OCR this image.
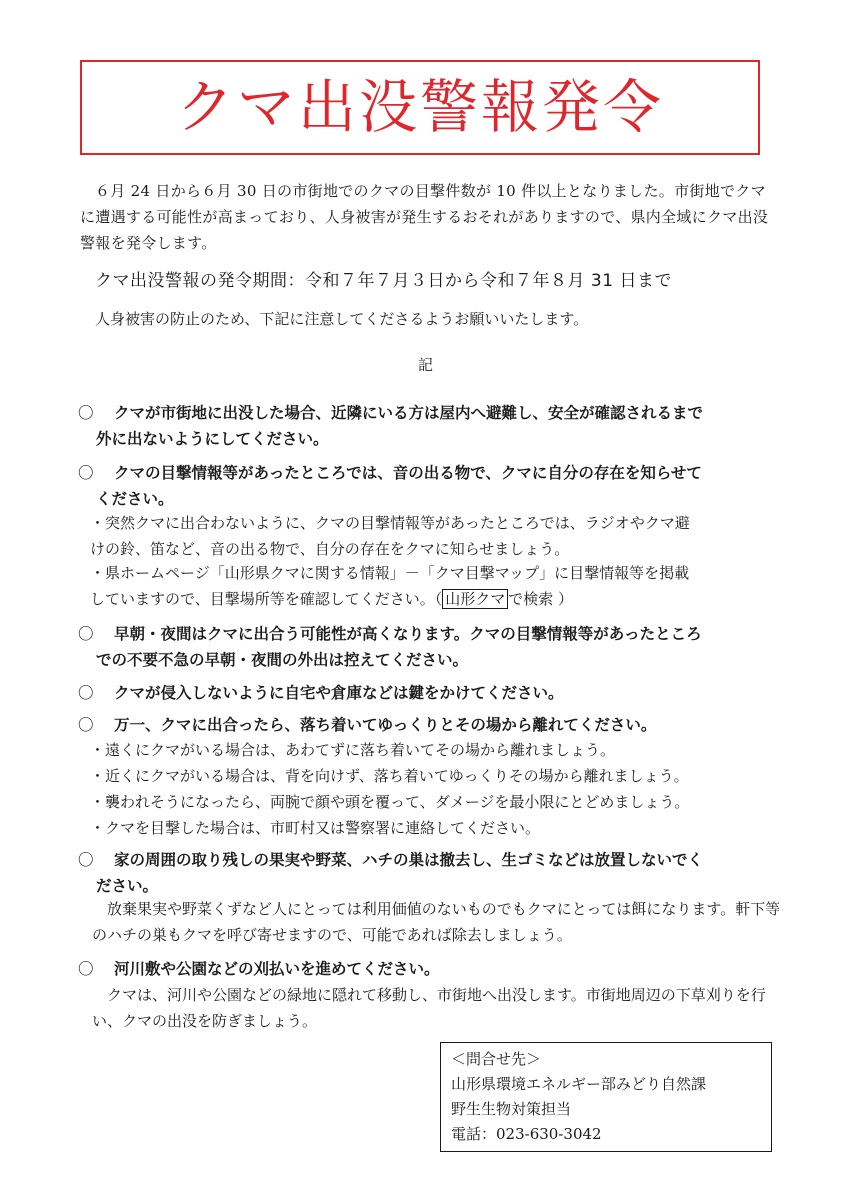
クマ出没警報発令
６月 24 日から６月 30 日の市街地でのクマの目撃件数が 10 件以上となりました。市街地でクマに遭遇する可能性が高まっており、人身被害が発生するおそれがありますので、県内全域にクマ出没警報を発令します。
クマ出没警報の発令期間：令和７年７月３日から令和７年８月 31 日まで
人身被害の防止のため、下記に注意してくださるようお願いいたします。
記
〇 クマが市街地に出没した場合、近隣にいる方は屋内へ避難し、安全が確認されるまで
外に出ないようにしてください。
〇 クマの目撃情報等があったところでは、音の出る物で、クマに自分の存在を知らせて
ください。
・突然クマに出合わないように、クマの目撃情報等があったところでは、ラジオやクマ避
けの鈴、笛など、音の出る物で、自分の存在をクマに知らせましょう。
・県ホームページ「山形県クマに関する情報」－「クマ目撃マップ」に目撃情報等を掲載
していますので、目撃場所等を確認してください。（ 山形クマ で検索 ）
〇 早朝・夜間はクマに出合う可能性が高くなります。クマの目撃情報等があったところ
での不要不急の早朝・夜間の外出は控えてください。
〇 クマが侵入しないように自宅や倉庫などは鍵をかけてください。
〇 万一、クマに出合ったら、落ち着いてゆっくりとその場から離れてください。
・遠くにクマがいる場合は、あわてずに落ち着いてその場から離れましょう。
・近くにクマがいる場合は、背を向けず、落ち着いてゆっくりその場から離れましょう。
・襲われそうになったら、両腕で顔や頭を覆って、ダメージを最小限にとどめましょう。
・クマを目撃した場合は、市町村又は警察署に連絡してください。
〇 家の周囲の取り残しの果実や野菜、ハチの巣は撤去し、生ゴミなどは放置しないでく
ださい。
放棄果実や野菜くずなど人にとっては利用価値のないものでもクマにとっては餌になります。軒下等のハチの巣もクマを呼び寄せますので、可能であれば除去しましょう。
〇 河川敷や公園などの刈払いを進めてください。
クマは、河川や公園などの緑地に隠れて移動し、市街地へ出没します。市街地周辺の下草刈りを行い、クマの出没を防ぎましょう。
＜問合せ先＞
山形県環境エネルギー部みどり自然課
野生生物対策担当
電話：023-630-3042
